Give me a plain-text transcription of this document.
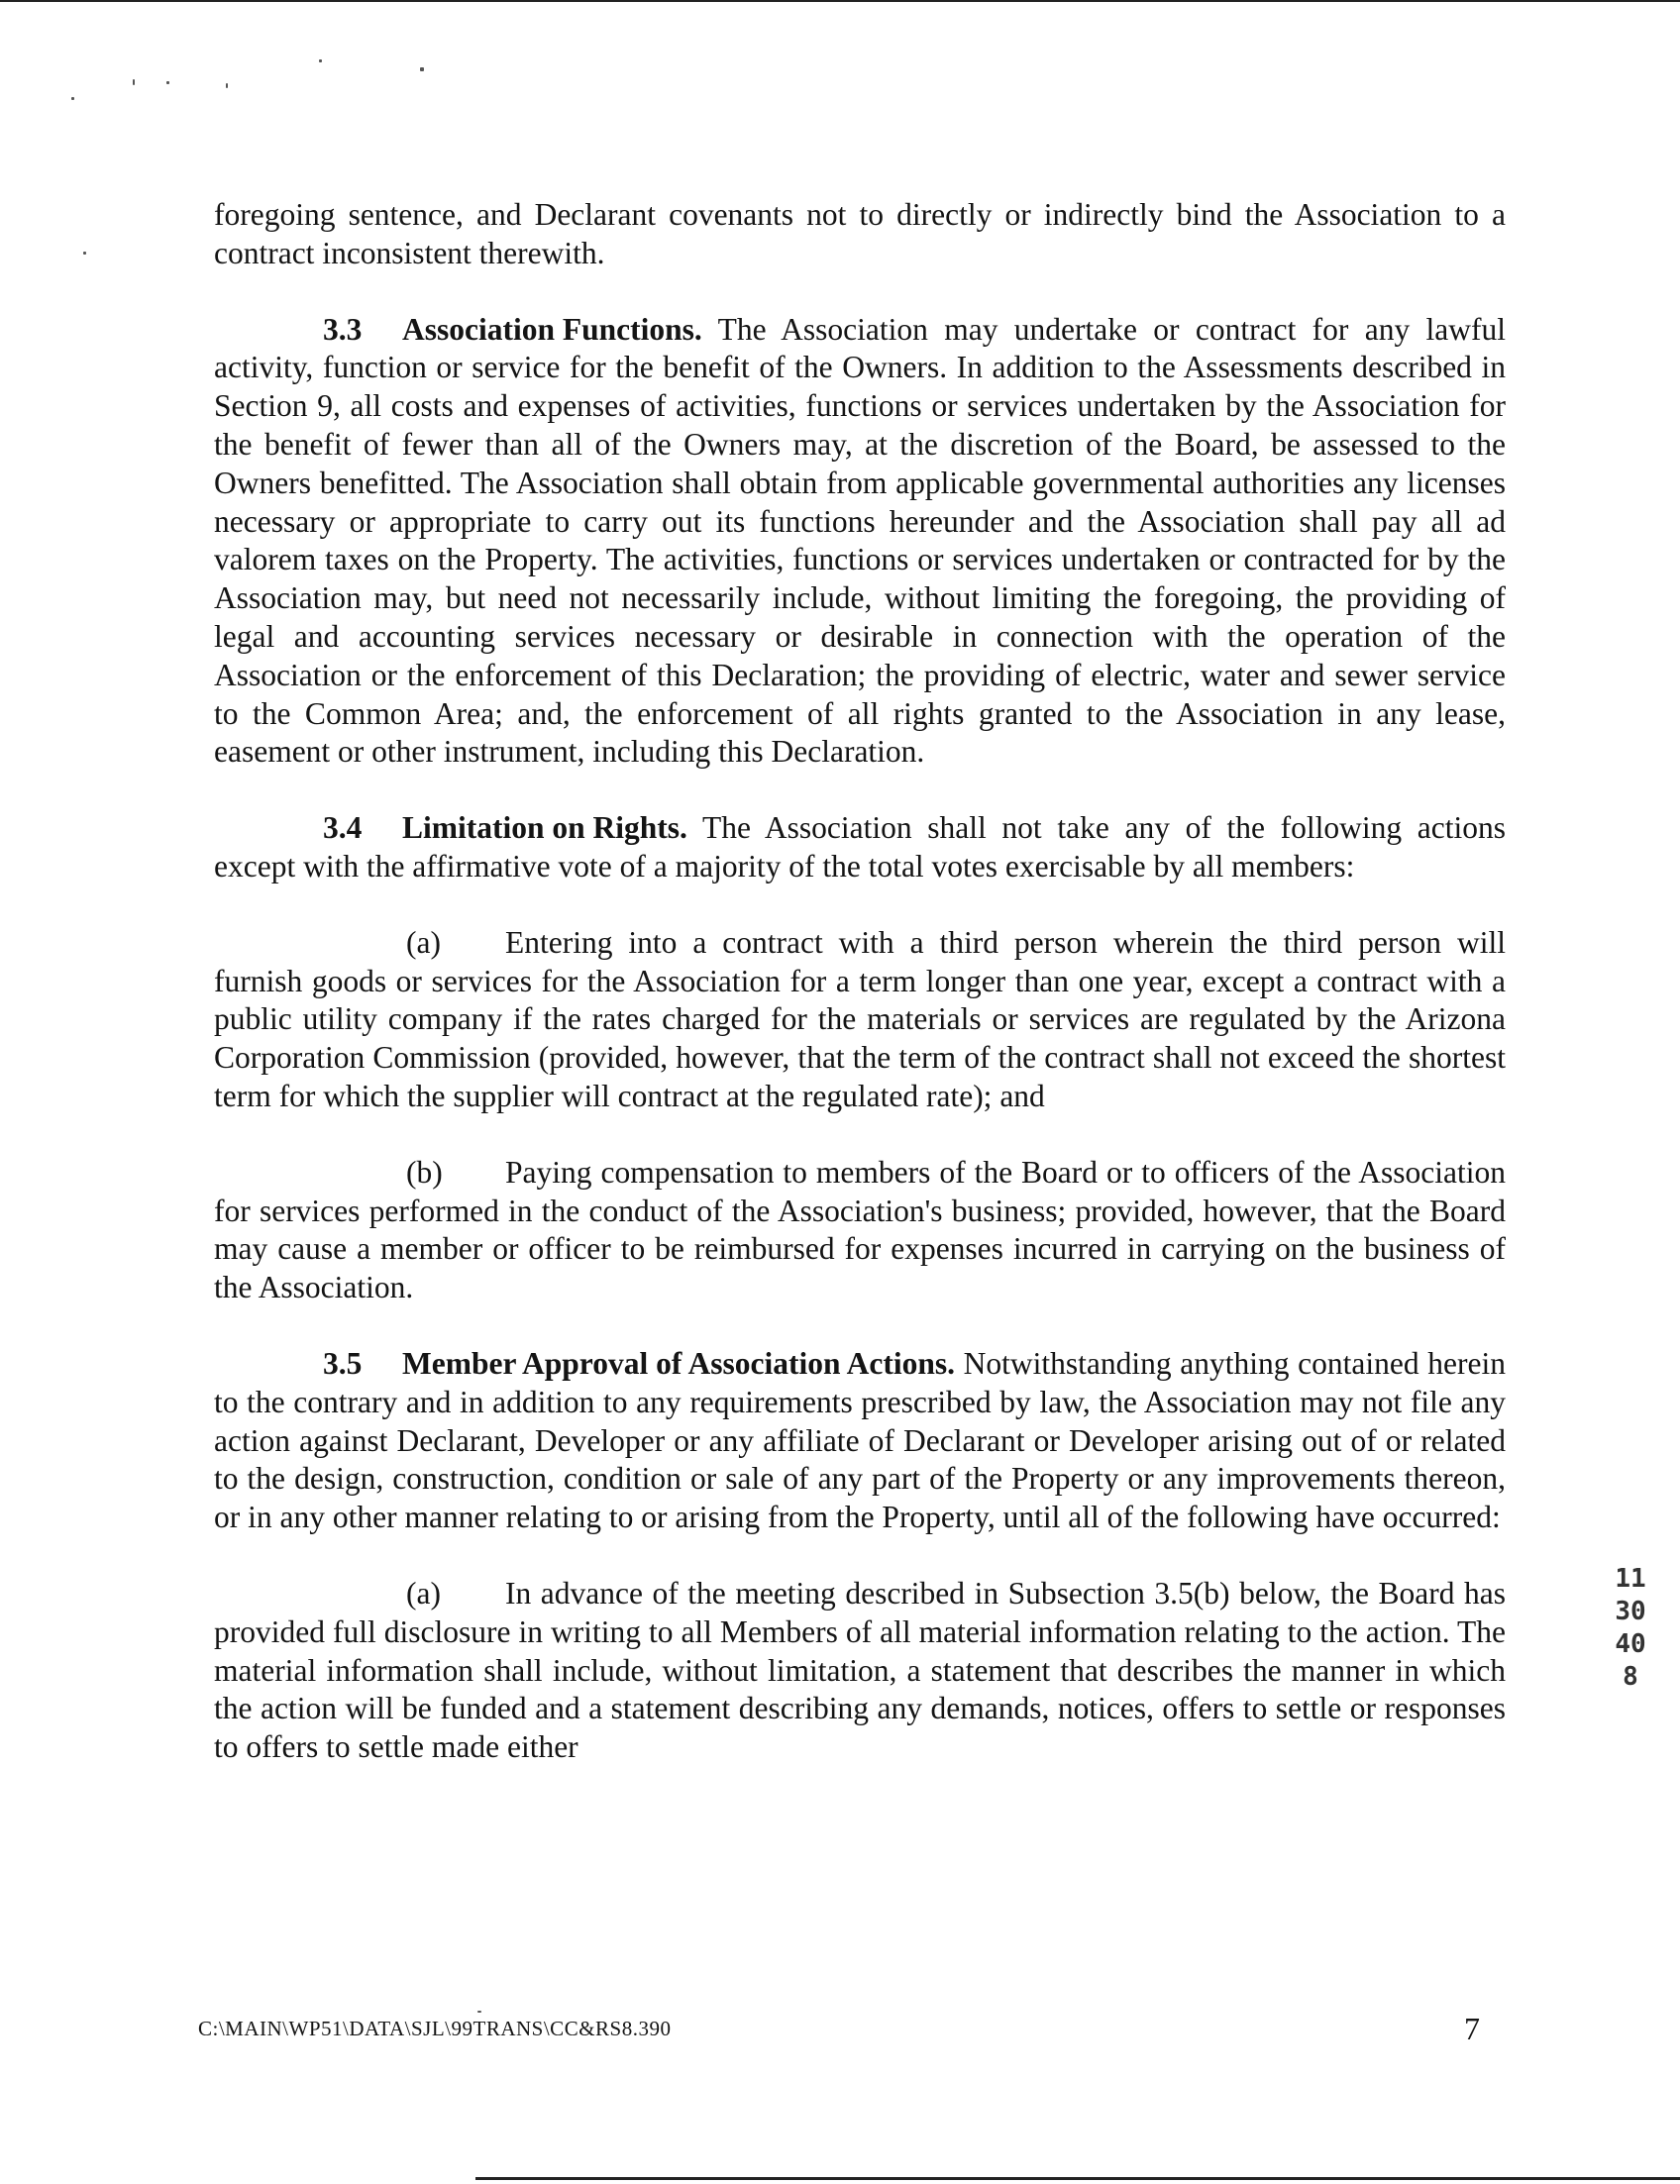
foregoing sentence, and Declarant covenants not to directly or indirectly bind the Association to a contract inconsistent therewith.

3.3 Association Functions. The Association may undertake or contract for any lawful activity, function or service for the benefit of the Owners. In addition to the Assessments described in Section 9, all costs and expenses of activities, functions or services undertaken by the Association for the benefit of fewer than all of the Owners may, at the discretion of the Board, be assessed to the Owners benefitted. The Association shall obtain from applicable governmental authorities any licenses necessary or appropriate to carry out its functions hereunder and the Association shall pay all ad valorem taxes on the Property. The activities, functions or services undertaken or contracted for by the Association may, but need not necessarily include, without limiting the foregoing, the providing of legal and accounting services necessary or desirable in connection with the operation of the Association or the enforcement of this Declaration; the providing of electric, water and sewer service to the Common Area; and, the enforcement of all rights granted to the Association in any lease, easement or other instrument, including this Declaration.

3.4 Limitation on Rights. The Association shall not take any of the following actions except with the affirmative vote of a majority of the total votes exercisable by all members:

(a) Entering into a contract with a third person wherein the third person will furnish goods or services for the Association for a term longer than one year, except a contract with a public utility company if the rates charged for the materials or services are regulated by the Arizona Corporation Commission (provided, however, that the term of the contract shall not exceed the shortest term for which the supplier will contract at the regulated rate); and

(b) Paying compensation to members of the Board or to officers of the Association for services performed in the conduct of the Association's business; provided, however, that the Board may cause a member or officer to be reimbursed for expenses incurred in carrying on the business of the Association.

3.5 Member Approval of Association Actions. Notwithstanding anything contained herein to the contrary and in addition to any requirements prescribed by law, the Association may not file any action against Declarant, Developer or any affiliate of Declarant or Developer arising out of or related to the design, construction, condition or sale of any part of the Property or any improvements thereon, or in any other manner relating to or arising from the Property, until all of the following have occurred:

(a) In advance of the meeting described in Subsection 3.5(b) below, the Board has provided full disclosure in writing to all Members of all material information relating to the action. The material information shall include, without limitation, a statement that describes the manner in which the action will be funded and a statement describing any demands, notices, offers to settle or responses to offers to settle made either

1130408
C:\MAIN\WP51\DATA\SJL\99TRANS\CC&RS8.390	7
